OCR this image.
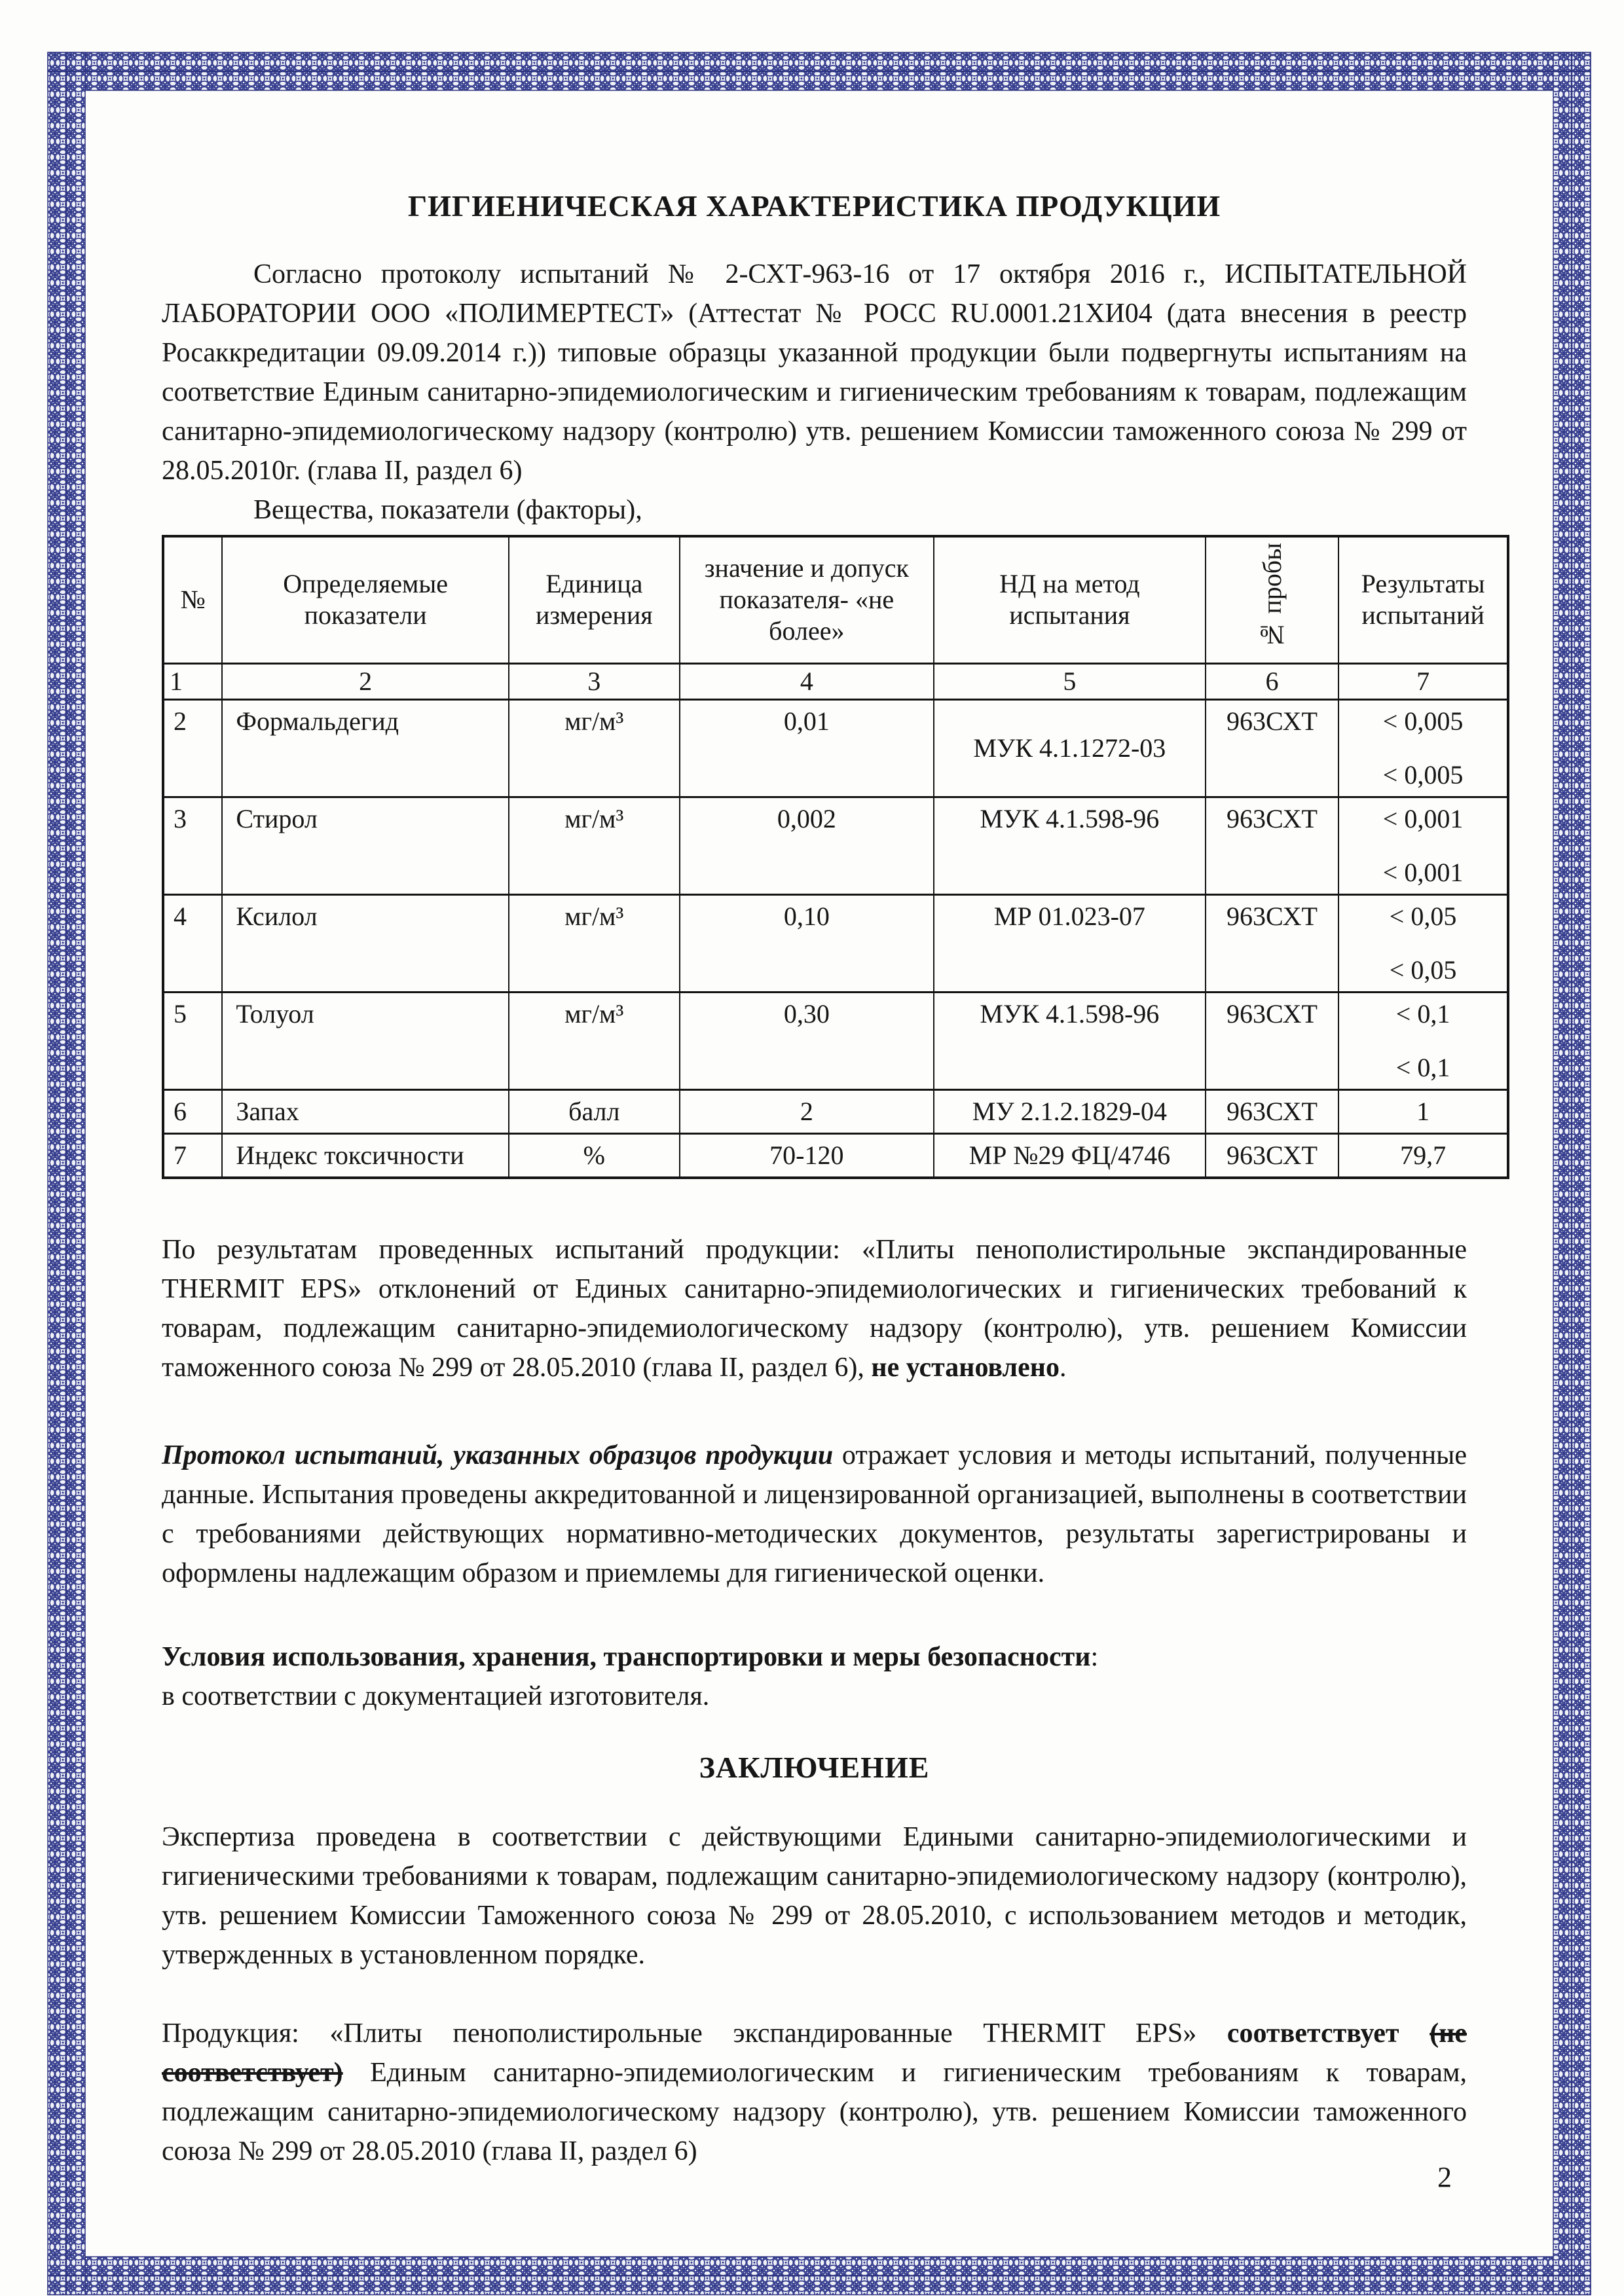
ГИГИЕНИЧЕСКАЯ ХАРАКТЕРИСТИКА ПРОДУКЦИИ

Согласно протоколу испытаний № 2-СХТ-963-16 от 17 октября 2016 г., ИСПЫТАТЕЛЬНОЙ ЛАБОРАТОРИИ ООО «ПОЛИМЕРТЕСТ» (Аттестат № РОСС RU.0001.21ХИ04 (дата внесения в реестр Росаккредитации 09.09.2014 г.)) типовые образцы указанной продукции были подвергнуты испытаниям на соответствие Единым санитарно-эпидемиологическим и гигиеническим требованиям к товарам, подлежащим санитарно-эпидемиологическому надзору (контролю) утв. решением Комиссии таможенного союза № 299 от 28.05.2010г. (глава II, раздел 6)

Вещества, показатели (факторы),
№	Определяемые показатели	Единица измерения	значение и допуск показателя- «не более»	НД на метод испытания	№ пробы	Результаты испытаний
1	2	3	4	5	6	7
2	Формальдегид	мг/м³	0,01	МУК 4.1.1272-03	963СХТ	< 0,005
< 0,005

3	Стирол	мг/м³	0,002	МУК 4.1.598-96	963СХТ	< 0,001
< 0,001

4	Ксилол	мг/м³	0,10	МР 01.023-07	963СХТ	< 0,05
< 0,05

5	Толуол	мг/м³	0,30	МУК 4.1.598-96	963СХТ	< 0,1
< 0,1

6	Запах	балл	2	МУ 2.1.2.1829-04	963СХТ	1

7	Индекс токсичности	%	70-120	МР №29 ФЦ/4746	963СХТ	79,7

По результатам проведенных испытаний продукции: «Плиты пенополистирольные экспандированные THERMIT EPS» отклонений от Единых санитарно-эпидемиологических и гигиенических требований к товарам, подлежащим санитарно-эпидемиологическому надзору (контролю), утв. решением Комиссии таможенного союза № 299 от 28.05.2010 (глава II, раздел 6), не установлено.

Протокол испытаний, указанных образцов продукции отражает условия и методы испытаний, полученные данные. Испытания проведены аккредитованной и лицензированной организацией, выполнены в соответствии с требованиями действующих нормативно-методических документов, результаты зарегистрированы и оформлены надлежащим образом и приемлемы для гигиенической оценки.

Условия использования, хранения, транспортировки и меры безопасности:
в соответствии с документацией изготовителя.
ЗАКЛЮЧЕНИЕ

Экспертиза проведена в соответствии с действующими Едиными санитарно-эпидемиологическими и гигиеническими требованиями к товарам, подлежащим санитарно-эпидемиологическому надзору (контролю), утв. решением Комиссии Таможенного союза № 299 от 28.05.2010, с использованием методов и методик, утвержденных в установленном порядке.

Продукция: «Плиты пенополистирольные экспандированные THERMIT EPS» соответствует (не соответствует) Единым санитарно-эпидемиологическим и гигиеническим требованиям к товарам, подлежащим санитарно-эпидемиологическому надзору (контролю), утв. решением Комиссии таможенного союза № 299 от 28.05.2010 (глава II, раздел 6)

2
